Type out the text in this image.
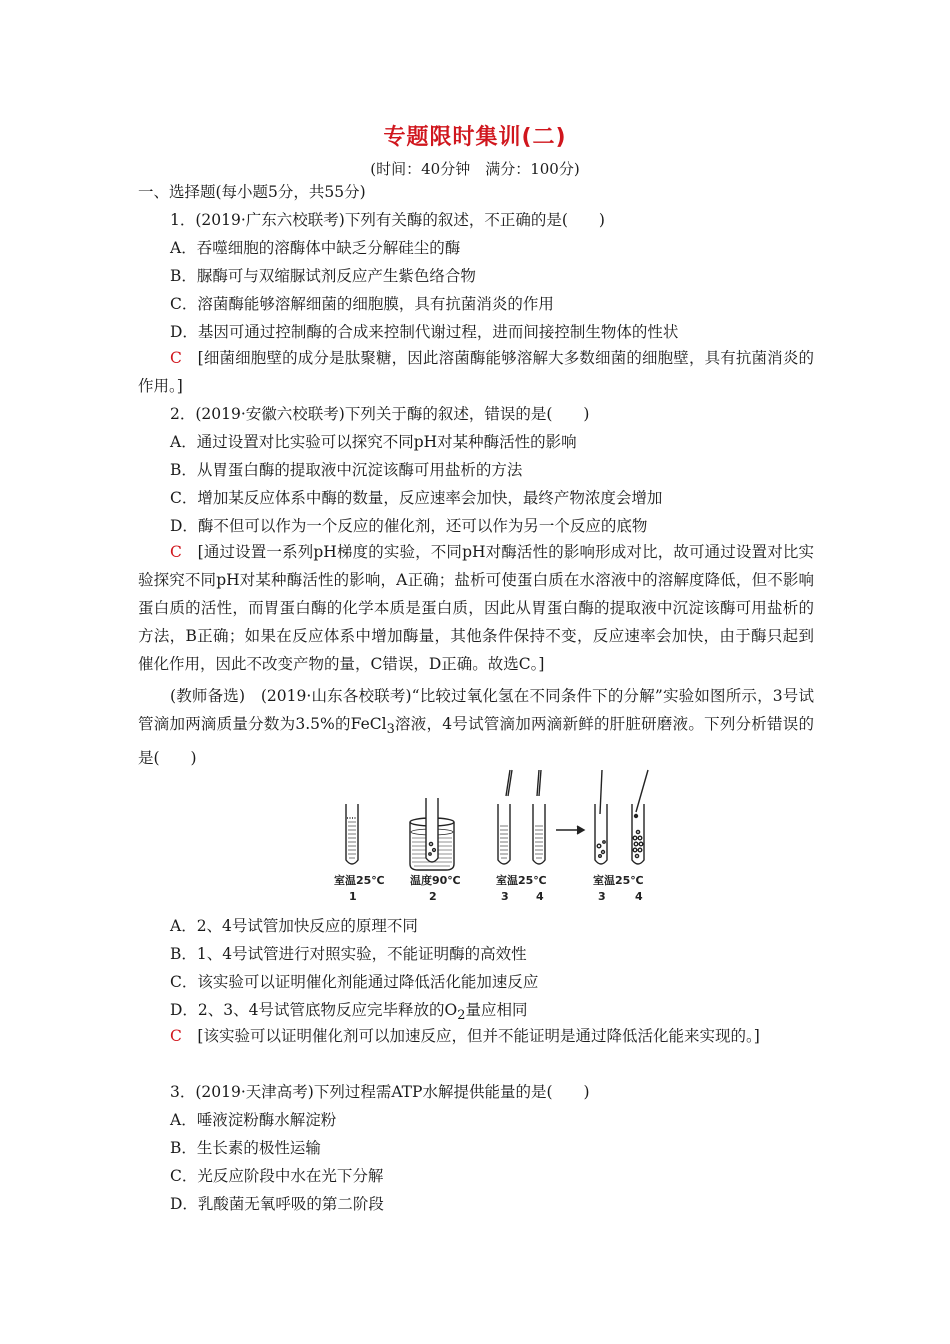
专题限时集训(二)
(时间：40分钟　满分：100分)
一、选择题(每小题5分，共55分)
1．(2019·广东六校联考)下列有关酶的叙述，不正确的是(　　)
A．吞噬细胞的溶酶体中缺乏分解硅尘的酶
B．脲酶可与双缩脲试剂反应产生紫色络合物
C．溶菌酶能够溶解细菌的细胞膜，具有抗菌消炎的作用
D．基因可通过控制酶的合成来控制代谢过程，进而间接控制生物体的性状
C　 [细菌细胞壁的成分是肽聚糖，因此溶菌酶能够溶解大多数细菌的细胞壁，具有抗菌消炎的作用。]
2．(2019·安徽六校联考)下列关于酶的叙述，错误的是(　　)
A．通过设置对比实验可以探究不同pH对某种酶活性的影响
B．从胃蛋白酶的提取液中沉淀该酶可用盐析的方法
C．增加某反应体系中酶的数量，反应速率会加快，最终产物浓度会增加
D．酶不但可以作为一个反应的催化剂，还可以作为另一个反应的底物
C　 [通过设置一系列pH梯度的实验，不同pH对酶活性的影响形成对比，故可通过设置对比实验探究不同pH对某种酶活性的影响，A正确；盐析可使蛋白质在水溶液中的溶解度降低，但不影响蛋白质的活性，而胃蛋白酶的化学本质是蛋白质，因此从胃蛋白酶的提取液中沉淀该酶可用盐析的方法，B正确；如果在反应体系中增加酶量，其他条件保持不变，反应速率会加快，由于酶只起到催化作用，因此不改变产物的量，C错误，D正确。故选C。]
(教师备选)　(2019·山东各校联考)“比较过氧化氢在不同条件下的分解”实验如图所示，3号试管滴加两滴质量分数为3.5%的FeCl$_3$溶液，4号试管滴加两滴新鲜的肝脏研磨液。下列分析错误的是(　　)
室温25℃ 温度90℃	室温25℃	室温25℃
1	2	3 4	3	4
A．2、4号试管加快反应的原理不同
B．1、4号试管进行对照实验，不能证明酶的高效性
C．该实验可以证明催化剂能通过降低活化能加速反应
D．2、3、4号试管底物反应完毕释放的$O_2$量应相同
C　 [该实验可以证明催化剂可以加速反应，但并不能证明是通过降低活化能来实现的。]
3．(2019·天津高考)下列过程需ATP水解提供能量的是(　　)
A．唾液淀粉酶水解淀粉
B．生长素的极性运输
C．光反应阶段中水在光下分解
D．乳酸菌无氧呼吸的第二阶段
